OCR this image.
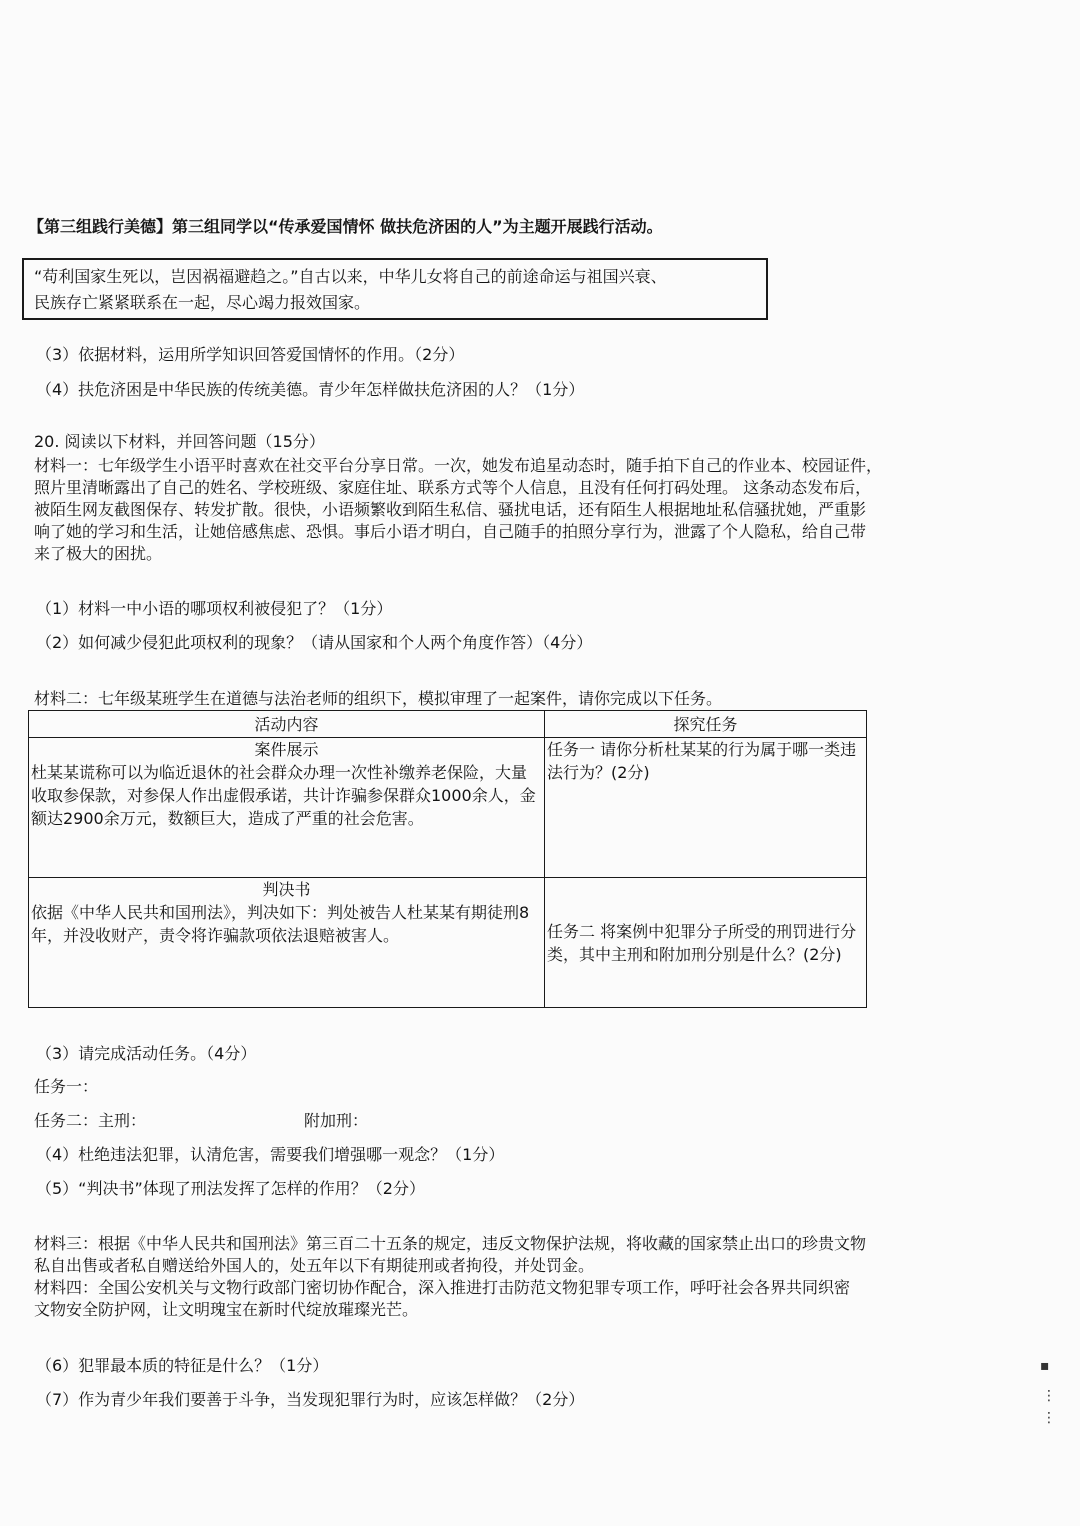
【第三组践行美德】第三组同学以“传承爱国情怀 做扶危济困的人”为主题开展践行活动。
“苟利国家生死以，岂因祸福避趋之。”自古以来，中华儿女将自己的前途命运与祖国兴衰、
民族存亡紧紧联系在一起，尽心竭力报效国家。
（3）依据材料，运用所学知识回答爱国情怀的作用。（2分）
（4）扶危济困是中华民族的传统美德。青少年怎样做扶危济困的人？（1分）
20. 阅读以下材料，并回答问题（15分）
材料一：七年级学生小语平时喜欢在社交平台分享日常。一次，她发布追星动态时，随手拍下自己的作业本、校园证件，
照片里清晰露出了自己的姓名、学校班级、家庭住址、联系方式等个人信息，且没有任何打码处理。 这条动态发布后，
被陌生网友截图保存、转发扩散。很快，小语频繁收到陌生私信、骚扰电话，还有陌生人根据地址私信骚扰她，严重影
响了她的学习和生活，让她倍感焦虑、恐惧。事后小语才明白，自己随手的拍照分享行为，泄露了个人隐私，给自己带
来了极大的困扰。
（1）材料一中小语的哪项权利被侵犯了？（1分）
（2）如何减少侵犯此项权利的现象？（请从国家和个人两个角度作答）（4分）
材料二：七年级某班学生在道德与法治老师的组织下，模拟审理了一起案件，请你完成以下任务。
活动内容	探究任务

案件展示
杜某某谎称可以为临近退休的社会群众办理一次性补缴养老保险，大量收取参保款，对参保人作出虚假承诺，共计诈骗参保群众1000余人，金额达2900余万元，数额巨大，造成了严重的社会危害。	任务一 请你分析杜某某的行为属于哪一类违法行为？(2分)

判决书
依据《中华人民共和国刑法》，判决如下：判处被告人杜某某有期徒刑8年，并没收财产，责令将诈骗款项依法退赔被害人。	任务二 将案例中犯罪分子所受的刑罚进行分类，其中主刑和附加刑分别是什么？(2分)
（3）请完成活动任务。（4分）
任务一：
任务二：主刑：	附加刑：
（4）杜绝违法犯罪，认清危害，需要我们增强哪一观念？（1分）
（5）“判决书”体现了刑法发挥了怎样的作用？（2分）
材料三：根据《中华人民共和国刑法》第三百二十五条的规定，违反文物保护法规，将收藏的国家禁止出口的珍贵文物
私自出售或者私自赠送给外国人的，处五年以下有期徒刑或者拘役，并处罚金。
材料四：全国公安机关与文物行政部门密切协作配合，深入推进打击防范文物犯罪专项工作，呼吁社会各界共同织密
文物安全防护网，让文明瑰宝在新时代绽放璀璨光芒。
（6）犯罪最本质的特征是什么？（1分）
（7）作为青少年我们要善于斗争，当发现犯罪行为时，应该怎样做？（2分）
▪
⋮
⋮
